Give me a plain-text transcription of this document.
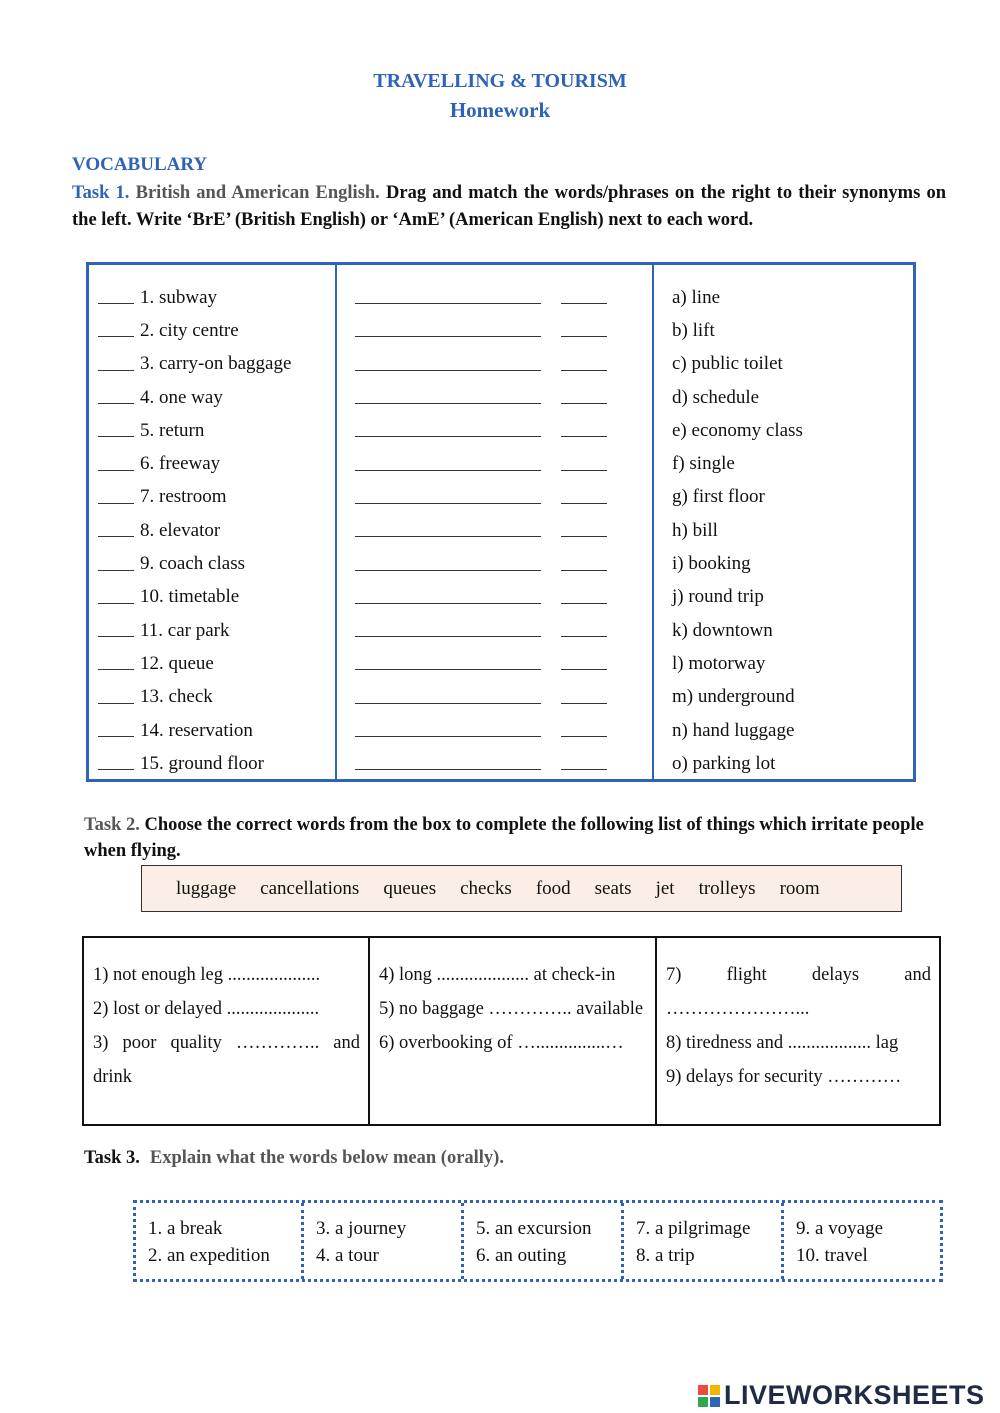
TRAVELLING & TOURISM
Homework
VOCABULARY
Task 1. British and American English. Drag and match the words/phrases on the right to their synonyms on the left. Write ‘BrE’ (British English) or ‘AmE’ (American English) next to each word.
1. subway
2. city centre
3. carry-on baggage
4. one way
5. return
6. freeway
7. restroom
8. elevator
9. coach class
10. timetable
11. car park
12. queue
13. check
14. reservation
15. ground floor
a) line
b) lift
c) public toilet
d) schedule
e) economy class
f) single
g) first floor
h) bill
i) booking
j) round trip
k) downtown
l) motorway
m) underground
n) hand luggage
o) parking lot
Task 2. Choose the correct words from the box to complete the following list of things which irritate people when flying.
luggage cancellations queues checks food seats jet trolleys room
1) not enough leg ....................
2) lost or delayed ....................
3) poor quality ………….. and drink
4) long .................... at check-in
5) no baggage ………….. available
6) overbooking of …...............…
7) flight delays and …………………...
8) tiredness and .................. lag
9) delays for security …………
Task 3. Explain what the words below mean (orally).
1. a break
2. an expedition
3. a journey
4. a tour
5. an excursion
6. an outing
7. a pilgrimage
8. a trip
9. a voyage
10. travel
LIVEWORKSHEETS
